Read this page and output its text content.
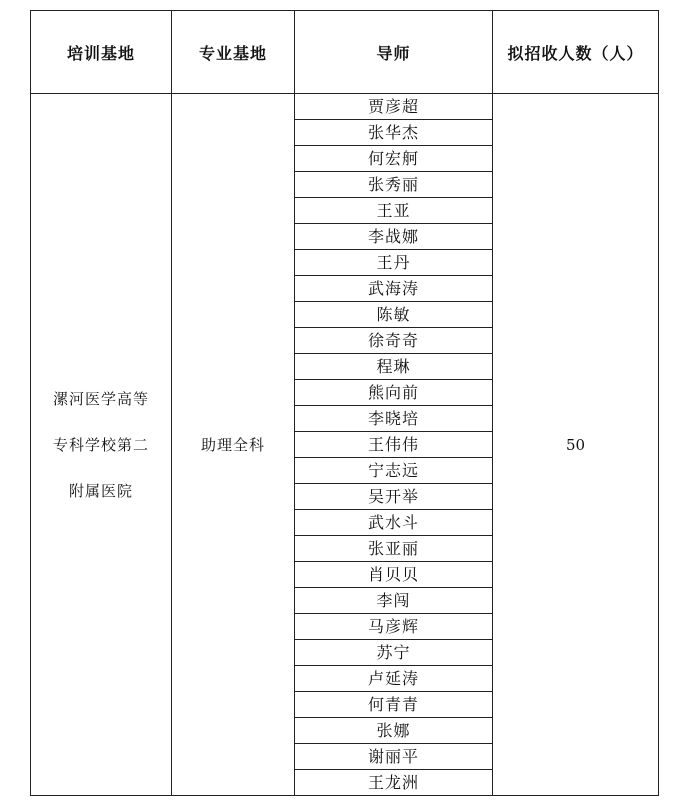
培训基地	专业基地	导师	拟招收人数（人）
漯河医学高等专科学校第二附属医院	助理全科	贾彦超	50
		张华杰	
		何宏舸	
		张秀丽	
		王亚	
		李战娜	
		王丹	
		武海涛	
		陈敏	
		徐奇奇	
		程琳	
		熊向前	
		李晓培	
		王伟伟	
		宁志远	
		吴开举	
		武水斗	
		张亚丽	
		肖贝贝	
		李闯	
		马彦辉	
		苏宁	
		卢延涛	
		何青青	
		张娜	
		谢丽平	
		王龙洲	
